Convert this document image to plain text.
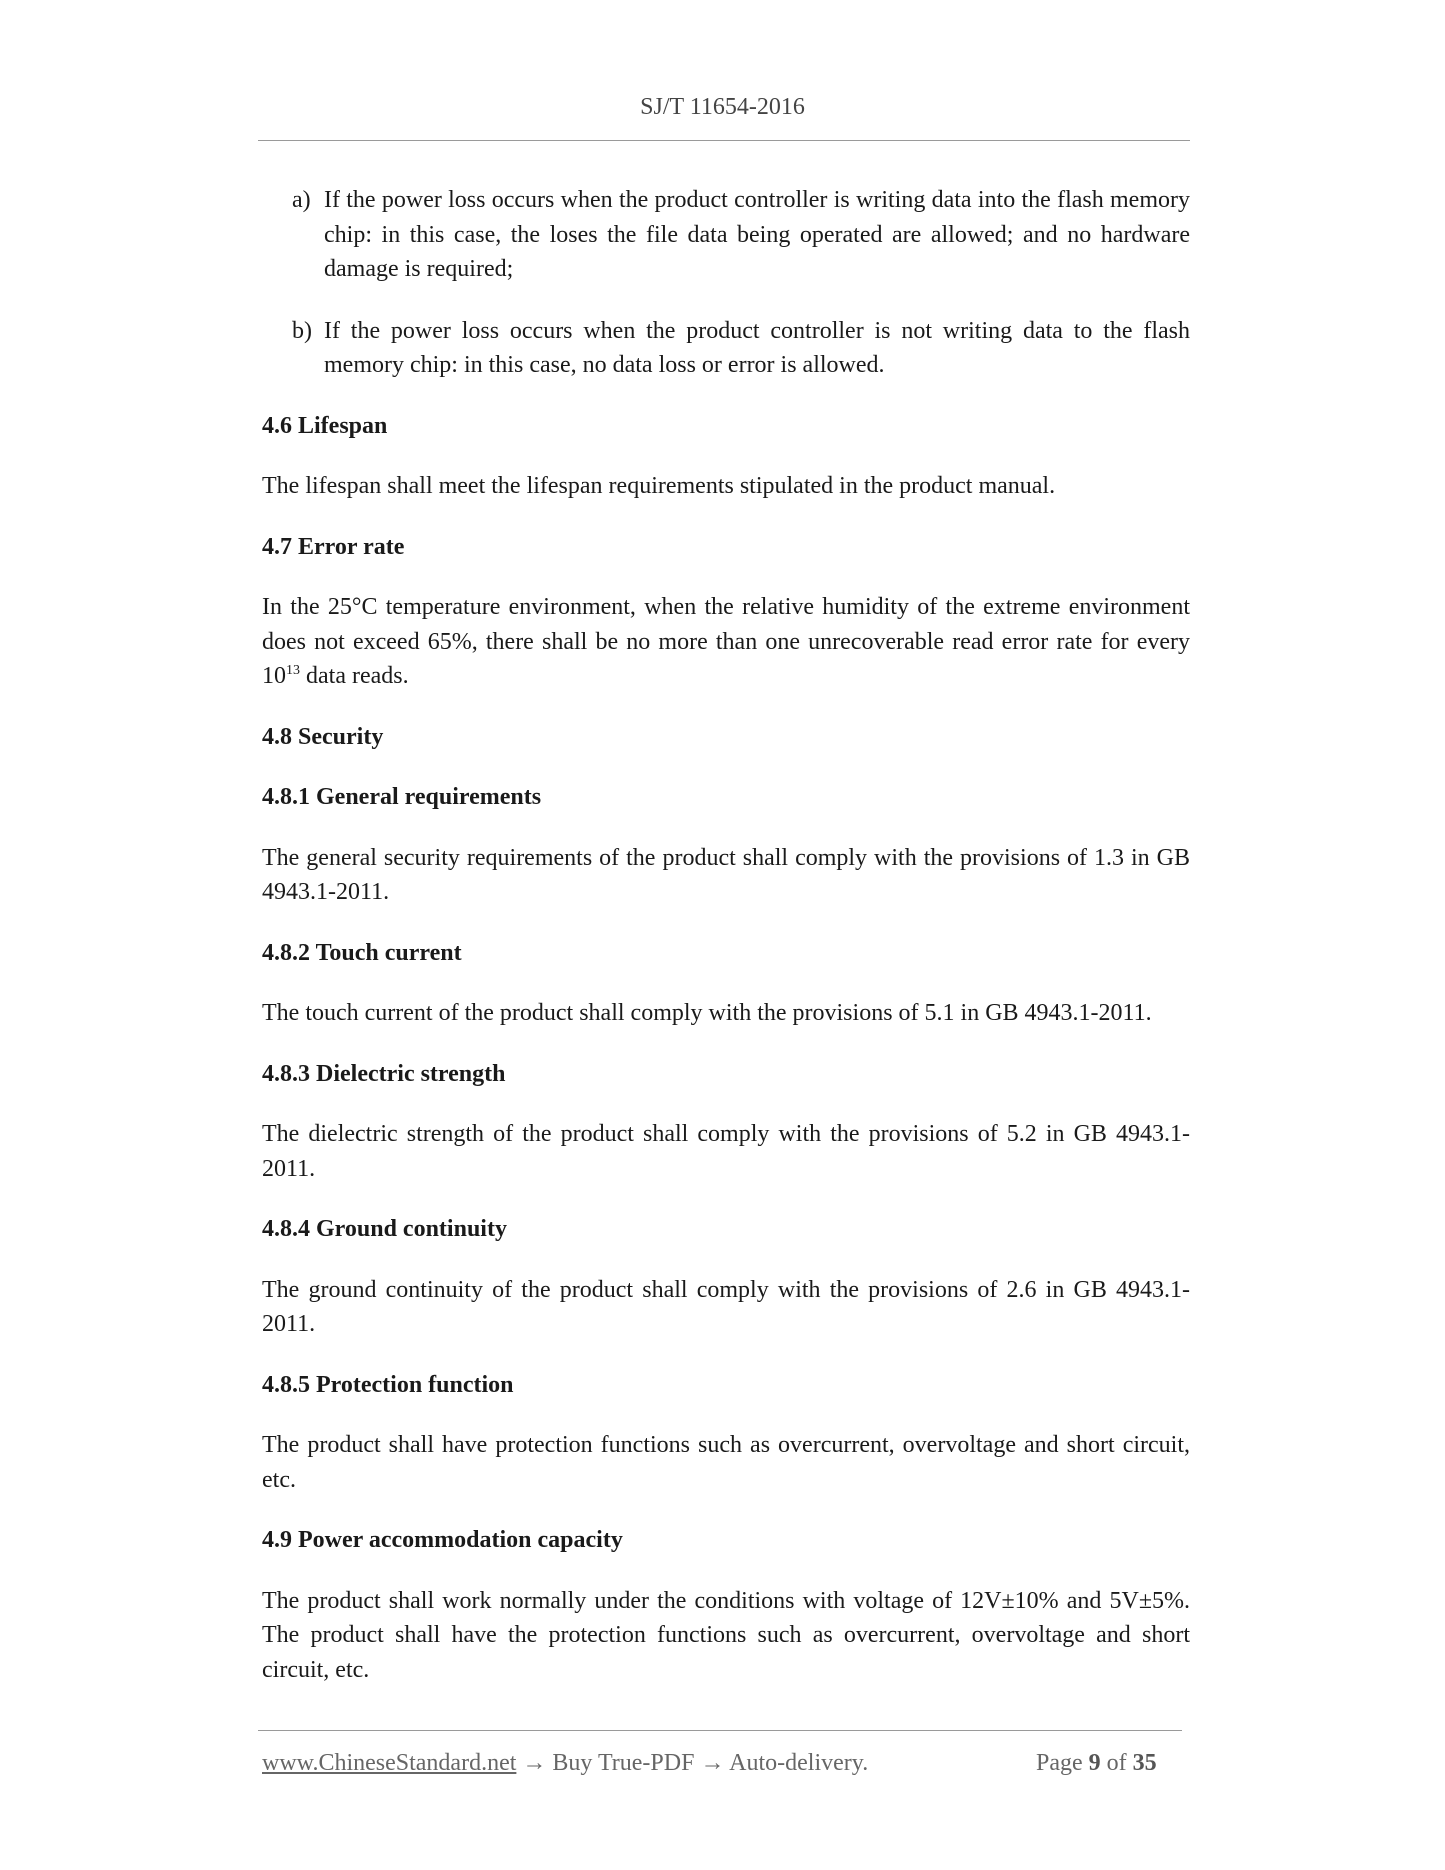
SJ/T 11654-2016
a) If the power loss occurs when the product controller is writing data into the flash memory chip: in this case, the loses the file data being operated are allowed; and no hardware damage is required;
b) If the power loss occurs when the product controller is not writing data to the flash memory chip: in this case, no data loss or error is allowed.
4.6 Lifespan

The lifespan shall meet the lifespan requirements stipulated in the product manual.

4.7 Error rate

In the 25°C temperature environment, when the relative humidity of the extreme environment does not exceed 65%, there shall be no more than one unrecoverable read error rate for every $10^{13}$ data reads.

4.8 Security
4.8.1 General requirements

The general security requirements of the product shall comply with the provisions of 1.3 in GB 4943.1-2011.

4.8.2 Touch current

The touch current of the product shall comply with the provisions of 5.1 in GB 4943.1-2011.

4.8.3 Dielectric strength

The dielectric strength of the product shall comply with the provisions of 5.2 in GB 4943.1-2011.

4.8.4 Ground continuity

The ground continuity of the product shall comply with the provisions of 2.6 in GB 4943.1-2011.

4.8.5 Protection function

The product shall have protection functions such as overcurrent, overvoltage and short circuit, etc.

4.9 Power accommodation capacity

The product shall work normally under the conditions with voltage of 12V±10% and 5V±5%. The product shall have the protection functions such as overcurrent, overvoltage and short circuit, etc.

www.ChineseStandard.net → Buy True-PDF → Auto-delivery.	Page 9 of 35
